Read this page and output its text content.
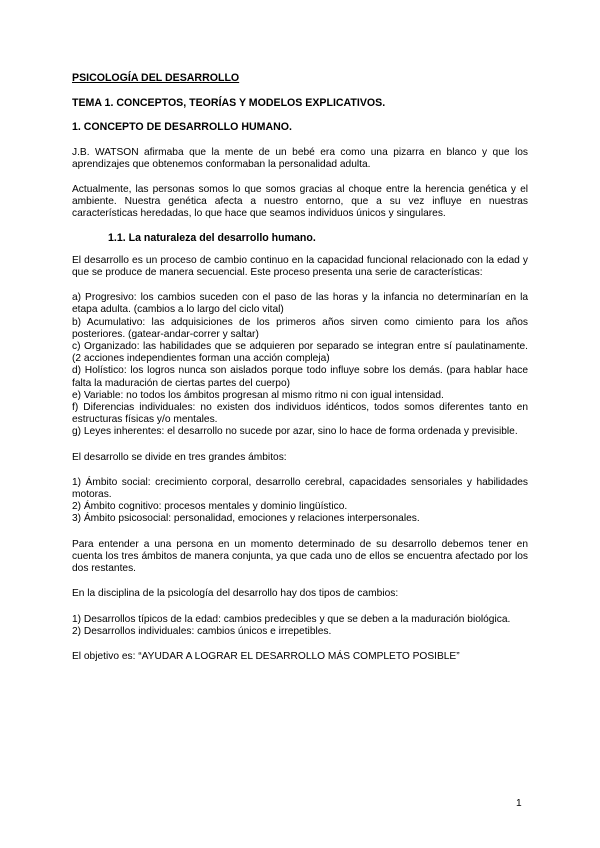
PSICOLOGÍA DEL DESARROLLO

TEMA 1. CONCEPTOS, TEORÍAS Y MODELOS EXPLICATIVOS.

1. CONCEPTO DE DESARROLLO HUMANO.

J.B. WATSON afirmaba que la mente de un bebé era como una pizarra en blanco y que los aprendizajes que obtenemos conformaban la personalidad adulta.

Actualmente, las personas somos lo que somos gracias al choque entre la herencia genética y el ambiente. Nuestra genética afecta a nuestro entorno, que a su vez influye en nuestras características heredadas, lo que hace que seamos individuos únicos y singulares.

1.1. La naturaleza del desarrollo humano.

El desarrollo es un proceso de cambio continuo en la capacidad funcional relacionado con la edad y que se produce de manera secuencial. Este proceso presenta una serie de características:

a) Progresivo: los cambios suceden con el paso de las horas y la infancia no determinarían en la etapa adulta. (cambios a lo largo del ciclo vital)

b) Acumulativo: las adquisiciones de los primeros años sirven como cimiento para los años posteriores. (gatear-andar-correr y saltar)

c) Organizado: las habilidades que se adquieren por separado se integran entre sí paulatinamente. (2 acciones independientes forman una acción compleja)

d) Holístico: los logros nunca son aislados porque todo influye sobre los demás. (para hablar hace falta la maduración de ciertas partes del cuerpo)

e) Variable: no todos los ámbitos progresan al mismo ritmo ni con igual intensidad.

f) Diferencias individuales: no existen dos individuos idénticos, todos somos diferentes tanto en estructuras físicas y/o mentales.

g) Leyes inherentes: el desarrollo no sucede por azar, sino lo hace de forma ordenada y previsible.

El desarrollo se divide en tres grandes ámbitos:

1) Ámbito social: crecimiento corporal, desarrollo cerebral, capacidades sensoriales y habilidades motoras.

2) Ámbito cognitivo: procesos mentales y dominio lingüístico.

3) Ámbito psicosocial: personalidad, emociones y relaciones interpersonales.

Para entender a una persona en un momento determinado de su desarrollo debemos tener en cuenta los tres ámbitos de manera conjunta, ya que cada uno de ellos se encuentra afectado por los dos restantes.

En la disciplina de la psicología del desarrollo hay dos tipos de cambios:

1) Desarrollos típicos de la edad: cambios predecibles y que se deben a la maduración biológica.

2) Desarrollos individuales: cambios únicos e irrepetibles.

El objetivo es: “AYUDAR A LOGRAR EL DESARROLLO MÁS COMPLETO POSIBLE”

1
